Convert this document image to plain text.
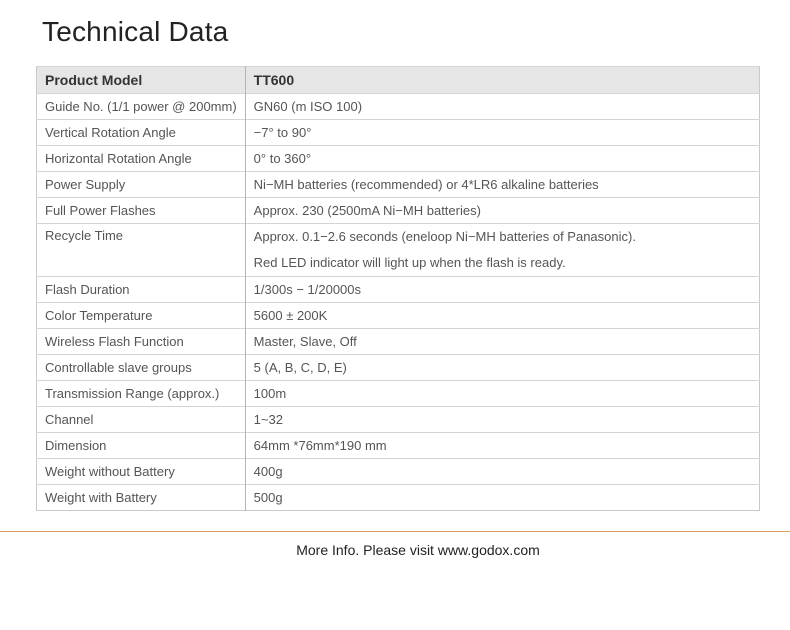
Technical Data
Product Model	TT600
Guide No. (1/1 power @ 200mm)	GN60 (m ISO 100)
Vertical Rotation Angle	−7° to 90°
Horizontal Rotation Angle	0° to 360°
Power Supply	Ni−MH batteries (recommended) or 4*LR6 alkaline batteries
Full Power Flashes	Approx. 230 (2500mA Ni−MH batteries)
Recycle Time	Approx. 0.1−2.6 seconds (eneloop Ni−MH batteries of Panasonic).
Red LED indicator will light up when the flash is ready.

Flash Duration	1/300s − 1/20000s
Color Temperature	5600 ± 200K
Wireless Flash Function	Master, Slave, Off
Controllable slave groups	5 (A, B, C, D, E)
Transmission Range (approx.)	100m
Channel	1~32
Dimension	64mm *76mm*190 mm
Weight without Battery	400g
Weight with Battery	500g
More Info. Please visit www.godox.com
